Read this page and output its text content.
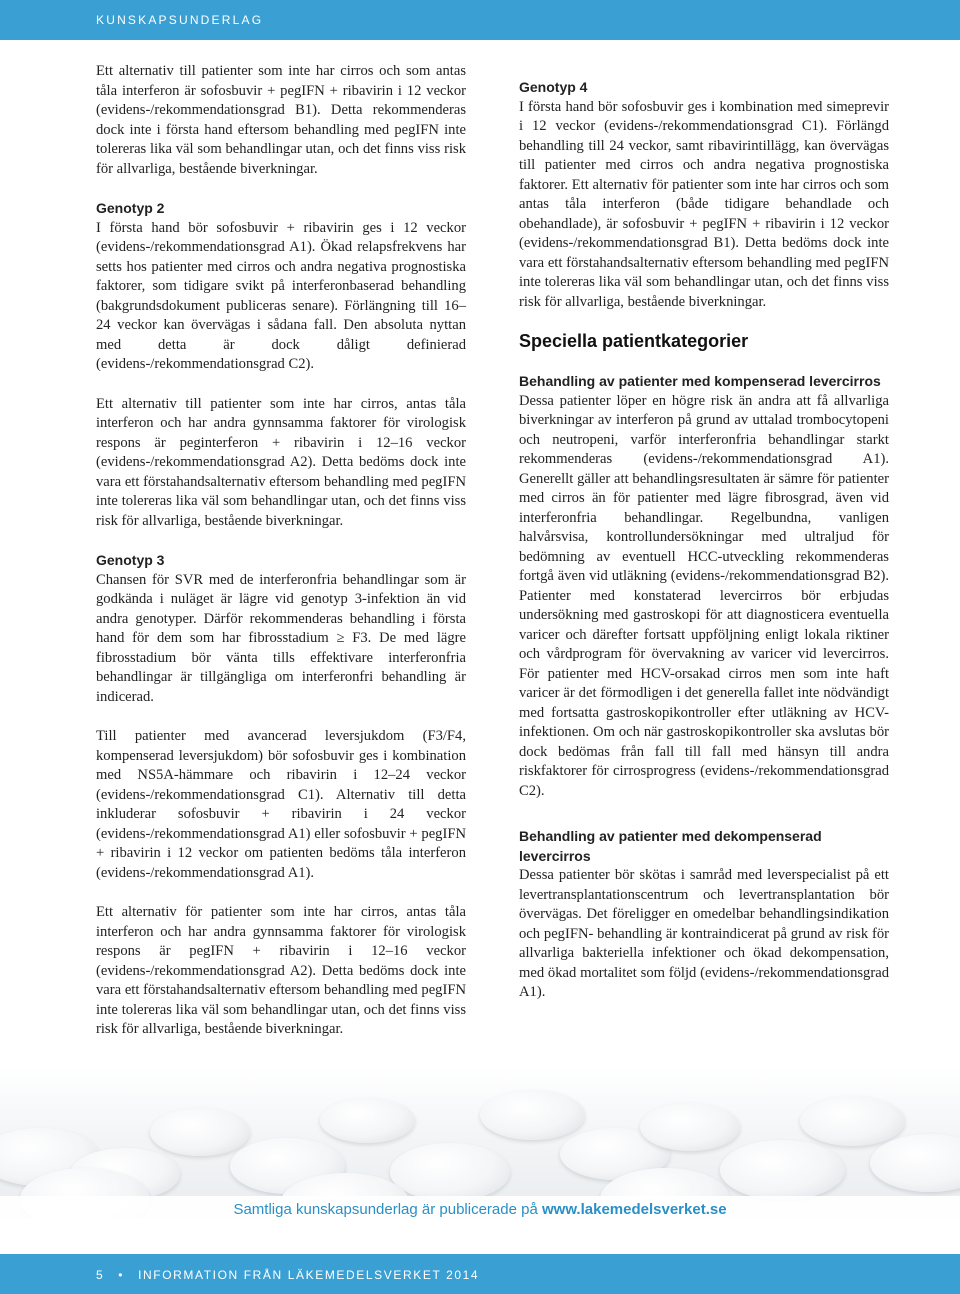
KUNSKAPSUNDERLAG

Ett alternativ till patienter som inte har cirros och som antas tåla interferon är sofosbuvir + pegIFN + ribavirin i 12 veckor (evidens-/rekommendationsgrad B1). Detta rekommenderas dock inte i första hand eftersom behandling med pegIFN inte tolereras lika väl som behandlingar utan, och det finns viss risk för allvarliga, bestående biverkningar.

Genotyp 2

I första hand bör sofosbuvir + ribavirin ges i 12 veckor (evidens-/rekommendationsgrad A1). Ökad relapsfrekvens har setts hos patienter med cirros och andra negativa prognostiska faktorer, som tidigare svikt på interferonbaserad behandling (bakgrundsdokument publiceras senare). Förlängning till 16–24 veckor kan övervägas i sådana fall. Den absoluta nyttan med detta är dock dåligt definierad (evidens-/rekommendationsgrad C2).

Ett alternativ till patienter som inte har cirros, antas tåla interferon och har andra gynnsamma faktorer för virologisk respons är peginterferon + ribavirin i 12–16 veckor (evidens-/rekommendationsgrad A2). Detta bedöms dock inte vara ett förstahandsalternativ eftersom behandling med pegIFN inte tolereras lika väl som behandlingar utan, och det finns viss risk för allvarliga, bestående biverkningar.

Genotyp 3

Chansen för SVR med de interferonfria behandlingar som är godkända i nuläget är lägre vid genotyp 3-infektion än vid andra genotyper. Därför rekommenderas behandling i första hand för dem som har fibrosstadium ≥ F3. De med lägre fibrosstadium bör vänta tills effektivare interferonfria behandlingar är tillgängliga om interferonfri behandling är indicerad.

Till patienter med avancerad leversjukdom (F3/F4, kompenserad leversjukdom) bör sofosbuvir ges i kombination med NS5A-hämmare och ribavirin i 12–24 veckor (evidens-/rekommendationsgrad C1). Alternativ till detta inkluderar sofosbuvir + ribavirin i 24 veckor (evidens-/rekommendationsgrad A1) eller sofosbuvir + pegIFN + ribavirin i 12 veckor om patienten bedöms tåla interferon (evidens-/rekommendationsgrad A1).

Ett alternativ för patienter som inte har cirros, antas tåla interferon och har andra gynnsamma faktorer för virologisk respons är pegIFN + ribavirin i 12–16 veckor (evidens-/rekommendationsgrad A2). Detta bedöms dock inte vara ett förstahandsalternativ eftersom behandling med pegIFN inte tolereras lika väl som behandlingar utan, och det finns viss risk för allvarliga, bestående biverkningar.

Genotyp 4

I första hand bör sofosbuvir ges i kombination med simeprevir i 12 veckor (evidens-/rekommendationsgrad C1). Förlängd behandling till 24 veckor, samt ribavirintillägg, kan övervägas till patienter med cirros och andra negativa prognostiska faktorer. Ett alternativ för patienter som inte har cirros och som antas tåla interferon (både tidigare behandlade och obehandlade), är sofosbuvir + pegIFN + ribavirin i 12 veckor (evidens-/rekommendationsgrad B1). Detta bedöms dock inte vara ett förstahandsalternativ eftersom behandling med pegIFN inte tolereras lika väl som behandlingar utan, och det finns viss risk för allvarliga, bestående biverkningar.

Speciella patientkategorier
Behandling av patienter med kompenserad levercirros

Dessa patienter löper en högre risk än andra att få allvarliga biverkningar av interferon på grund av uttalad trombocytopeni och neutropeni, varför interferonfria behandlingar starkt rekommenderas (evidens-/rekommendationsgrad A1). Generellt gäller att behandlingsresultaten är sämre för patienter med cirros än för patienter med lägre fibrosgrad, även vid interferonfria behandlingar. Regelbundna, vanligen halvårsvisa, kontrollundersökningar med ultraljud för bedömning av eventuell HCC-utveckling rekommenderas fortgå även vid utläkning (evidens-/rekommendationsgrad B2). Patienter med konstaterad levercirros bör erbjudas undersökning med gastroskopi för att diagnosticera eventuella varicer och därefter fortsatt uppföljning enligt lokala riktiner och vårdprogram för övervakning av varicer vid levercirros. För patienter med HCV-orsakad cirros men som inte haft varicer är det förmodligen i det generella fallet inte nödvändigt med fortsatta gastroskopikontroller efter utläkning av HCV-infektionen. Om och när gastroskopikontroller ska avslutas bör dock bedömas från fall till fall med hänsyn till andra riskfaktorer för cirrosprogress (evidens-/rekommendationsgrad C2).

Behandling av patienter med dekompenserad levercirros

Dessa patienter bör skötas i samråd med leverspecialist på ett levertransplantationscentrum och levertransplantation bör övervägas. Det föreligger en omedelbar behandlingsindikation och pegIFN- behandling är kontraindicerat på grund av risk för allvarliga bakteriella infektioner och ökad dekompensation, med ökad mortalitet som följd (evidens-/rekommendationsgrad A1).

Samtliga kunskapsunderlag är publicerade på www.lakemedelsverket.se
5 • INFORMATION FRÅN LÄKEMEDELSVERKET 2014
